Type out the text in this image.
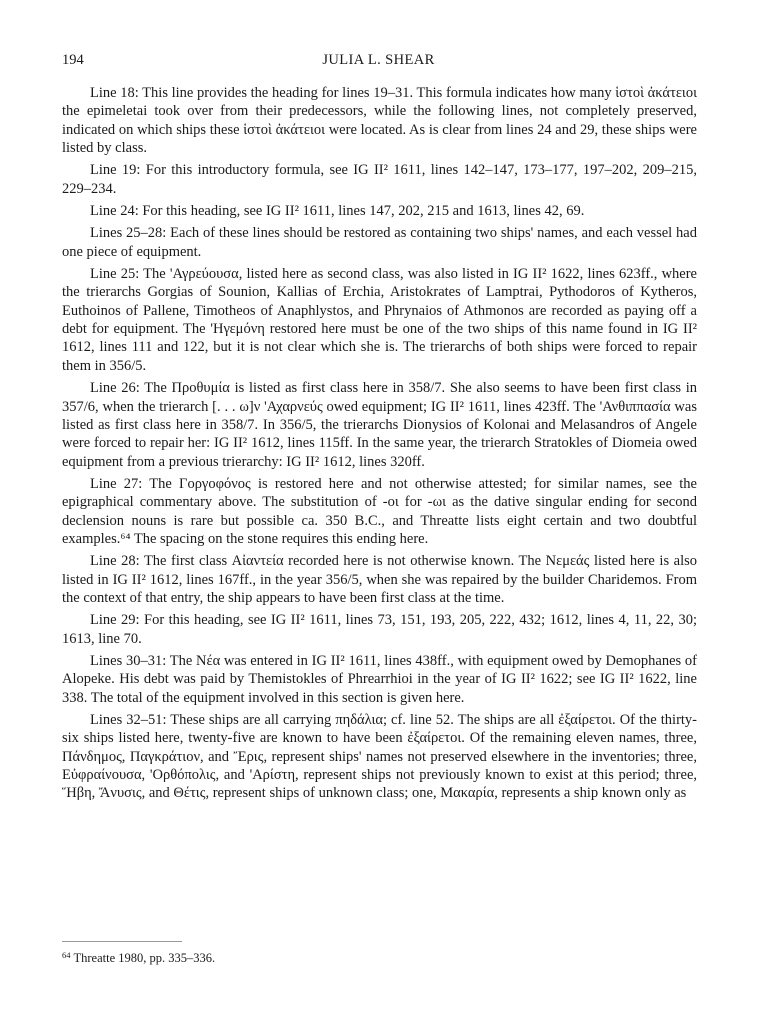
194	JULIA L. SHEAR

Line 18: This line provides the heading for lines 19–31. This formula indicates how many ἱστοὶ ἀκάτειοι the epimeletai took over from their predecessors, while the following lines, not completely preserved, indicated on which ships these ἱστοὶ ἀκάτειοι were located. As is clear from lines 24 and 29, these ships were listed by class.

Line 19: For this introductory formula, see IG II² 1611, lines 142–147, 173–177, 197–202, 209–215, 229–234.

Line 24: For this heading, see IG II² 1611, lines 147, 202, 215 and 1613, lines 42, 69.

Lines 25–28: Each of these lines should be restored as containing two ships' names, and each vessel had one piece of equipment.

Line 25: The 'Αγρεύουσα, listed here as second class, was also listed in IG II² 1622, lines 623ff., where the trierarchs Gorgias of Sounion, Kallias of Erchia, Aristokrates of Lamptrai, Pythodoros of Kytheros, Euthoinos of Pallene, Timotheos of Anaphlystos, and Phrynaios of Athmonos are recorded as paying off a debt for equipment. The 'Ηγεμόνη restored here must be one of the two ships of this name found in IG II² 1612, lines 111 and 122, but it is not clear which she is. The trierarchs of both ships were forced to repair them in 356/5.

Line 26: The Προθυμία is listed as first class here in 358/7. She also seems to have been first class in 357/6, when the trierarch [. . . ω]ν 'Αχαρνεύς owed equipment; IG II² 1611, lines 423ff. The 'Ανθιππασία was listed as first class here in 358/7. In 356/5, the trierarchs Dionysios of Kolonai and Melasandros of Angele were forced to repair her: IG II² 1612, lines 115ff. In the same year, the trierarch Stratokles of Diomeia owed equipment from a previous trierarchy: IG II² 1612, lines 320ff.

Line 27: The Γοργοφόνος is restored here and not otherwise attested; for similar names, see the epigraphical commentary above. The substitution of -οι for -ωι as the dative singular ending for second declension nouns is rare but possible ca. 350 B.C., and Threatte lists eight certain and two doubtful examples.⁶⁴ The spacing on the stone requires this ending here.

Line 28: The first class Αἰαντεία recorded here is not otherwise known. The Νεμεάς listed here is also listed in IG II² 1612, lines 167ff., in the year 356/5, when she was repaired by the builder Charidemos. From the context of that entry, the ship appears to have been first class at the time.

Line 29: For this heading, see IG II² 1611, lines 73, 151, 193, 205, 222, 432; 1612, lines 4, 11, 22, 30; 1613, line 70.

Lines 30–31: The Νέα was entered in IG II² 1611, lines 438ff., with equipment owed by Demophanes of Alopeke. His debt was paid by Themistokles of Phrearrhioi in the year of IG II² 1622; see IG II² 1622, line 338. The total of the equipment involved in this section is given here.

Lines 32–51: These ships are all carrying πηδάλια; cf. line 52. The ships are all ἐξαίρετοι. Of the thirty-six ships listed here, twenty-five are known to have been ἐξαίρετοι. Of the remaining eleven names, three, Πάνδημος, Παγκράτιον, and Ἔρις, represent ships' names not preserved elsewhere in the inventories; three, Εὐφραίνουσα, 'Ορθόπολις, and 'Αρίστη, represent ships not previously known to exist at this period; three, Ἥβη, Ἄνυσις, and Θέτις, represent ships of unknown class; one, Μακαρία, represents a ship known only as

$^{64}$ Threatte 1980, pp. 335–336.
